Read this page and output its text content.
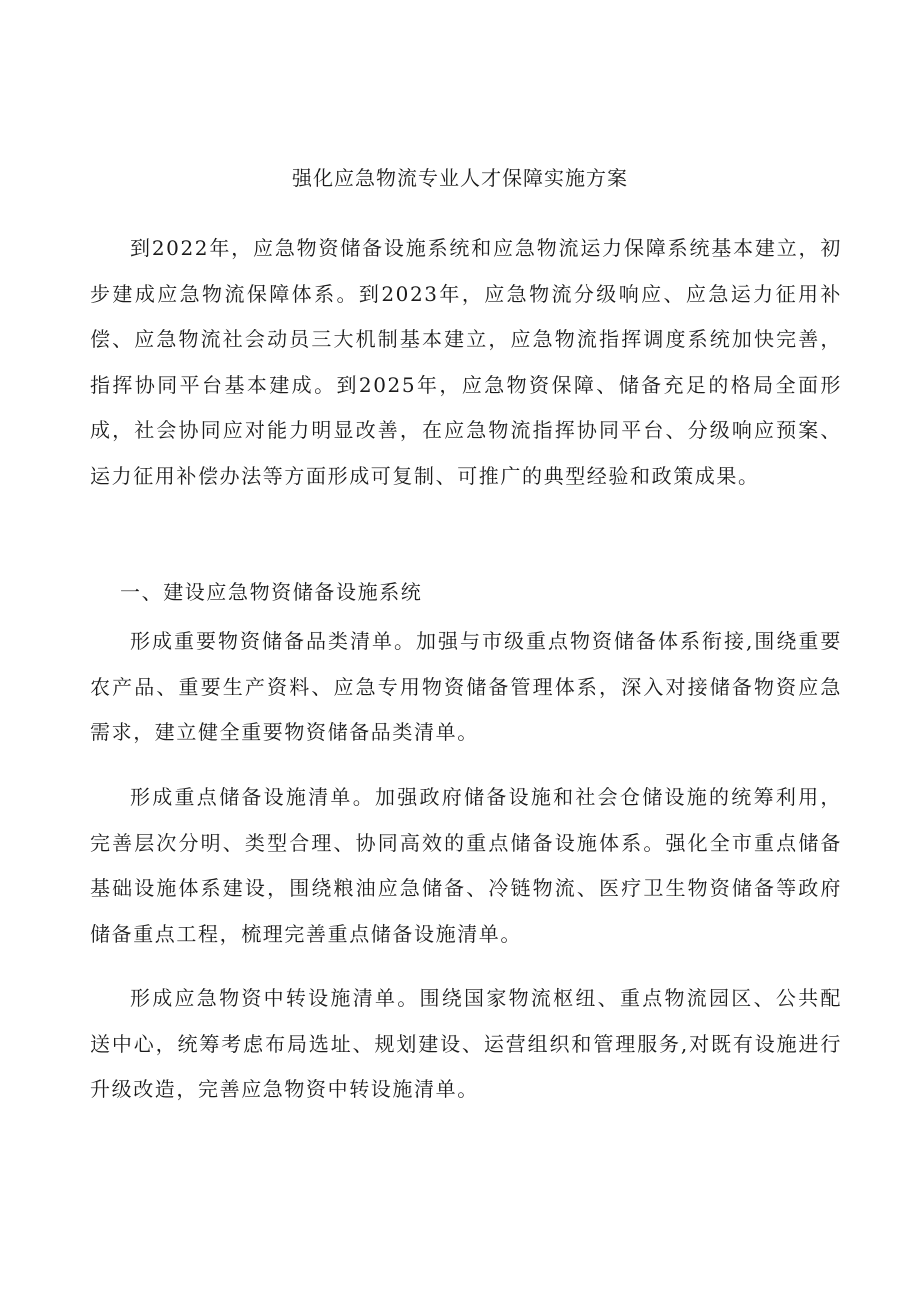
强化应急物流专业人才保障实施方案
到2022年，应急物资储备设施系统和应急物流运力保障系统基本建立，初步建成应急物流保障体系。到2023年，应急物流分级响应、应急运力征用补偿、应急物流社会动员三大机制基本建立，应急物流指挥调度系统加快完善，指挥协同平台基本建成。到2025年，应急物资保障、储备充足的格局全面形成，社会协同应对能力明显改善，在应急物流指挥协同平台、分级响应预案、运力征用补偿办法等方面形成可复制、可推广的典型经验和政策成果。
一、建设应急物资储备设施系统
形成重要物资储备品类清单。加强与市级重点物资储备体系衔接,围绕重要农产品、重要生产资料、应急专用物资储备管理体系，深入对接储备物资应急需求，建立健全重要物资储备品类清单。
形成重点储备设施清单。加强政府储备设施和社会仓储设施的统筹利用，完善层次分明、类型合理、协同高效的重点储备设施体系。强化全市重点储备基础设施体系建设，围绕粮油应急储备、冷链物流、医疗卫生物资储备等政府储备重点工程，梳理完善重点储备设施清单。
形成应急物资中转设施清单。围绕国家物流枢纽、重点物流园区、公共配送中心，统筹考虑布局选址、规划建设、运营组织和管理服务,对既有设施进行升级改造，完善应急物资中转设施清单。
